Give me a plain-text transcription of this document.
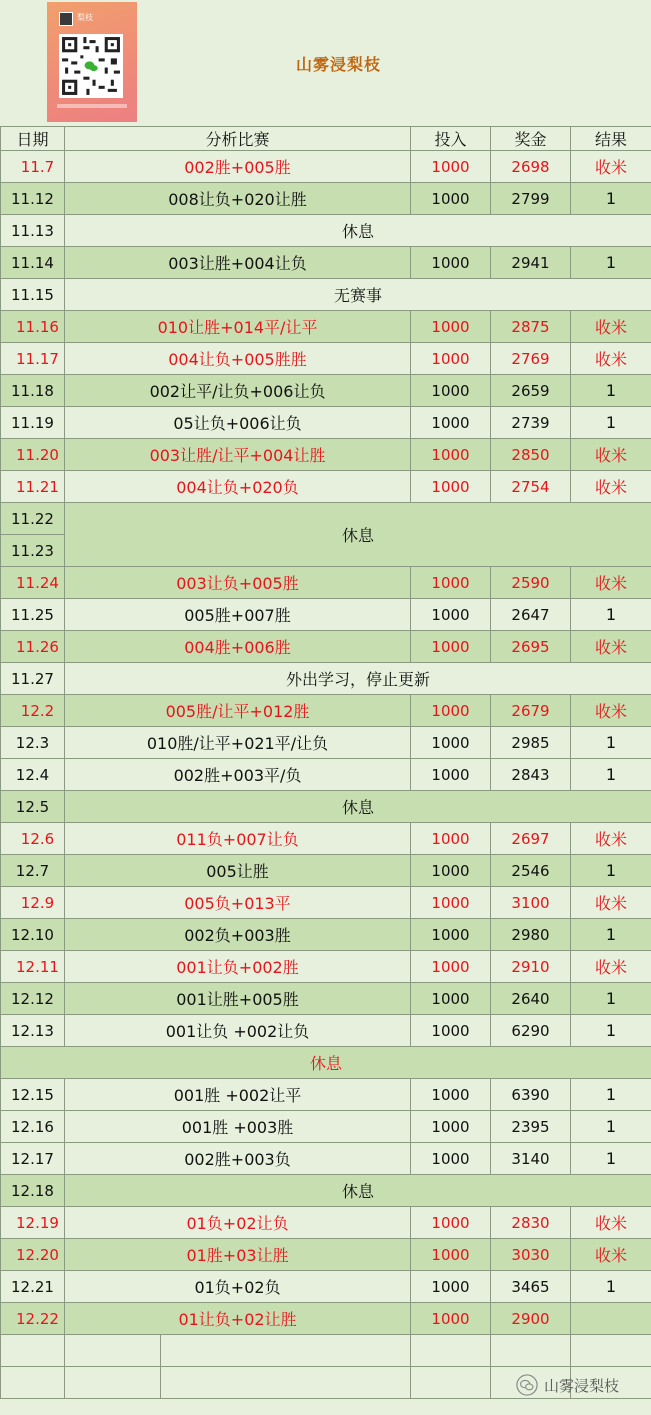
梨枝
山雾浸梨枝
日期	分析比赛		投入	奖金	结果
11.7	002胜+005胜		1000	2698	收米
11.12	008让负+020让胜		1000	2799	1
11.13	休息				
11.14	003让胜+004让负		1000	2941	1
11.15	无赛事				
11.16	010让胜+014平/让平		1000	2875	收米
11.17	004让负+005胜胜		1000	2769	收米
11.18	002让平/让负+006让负		1000	2659	1
11.19	05让负+006让负		1000	2739	1
11.20	003让胜/让平+004让胜		1000	2850	收米
11.21	004让负+020负		1000	2754	收米
11.22	休息				
11.23					
11.24	003让负+005胜		1000	2590	收米
11.25	005胜+007胜		1000	2647	1
11.26	004胜+006胜		1000	2695	收米
11.27	外出学习，停止更新				
12.2	005胜/让平+012胜		1000	2679	收米
12.3	010胜/让平+021平/让负		1000	2985	1
12.4	002胜+003平/负		1000	2843	1
12.5	休息				
12.6	011负+007让负		1000	2697	收米
12.7	005让胜		1000	2546	1
12.9	005负+013平		1000	3100	收米
12.10	002负+003胜		1000	2980	1
12.11	001让负+002胜		1000	2910	收米
12.12	001让胜+005胜		1000	2640	1
12.13	001让负 +002让负		1000	6290	1
休息					
12.15	001胜 +002让平		1000	6390	1
12.16	001胜 +003胜		1000	2395	1
12.17	002胜+003负		1000	3140	1
12.18	休息				
12.19	01负+02让负		1000	2830	收米
12.20	01胜+03让胜		1000	3030	收米
12.21	01负+02负		1000	3465	1
12.22	01让负+02让胜		1000	2900	

山雾浸梨枝
